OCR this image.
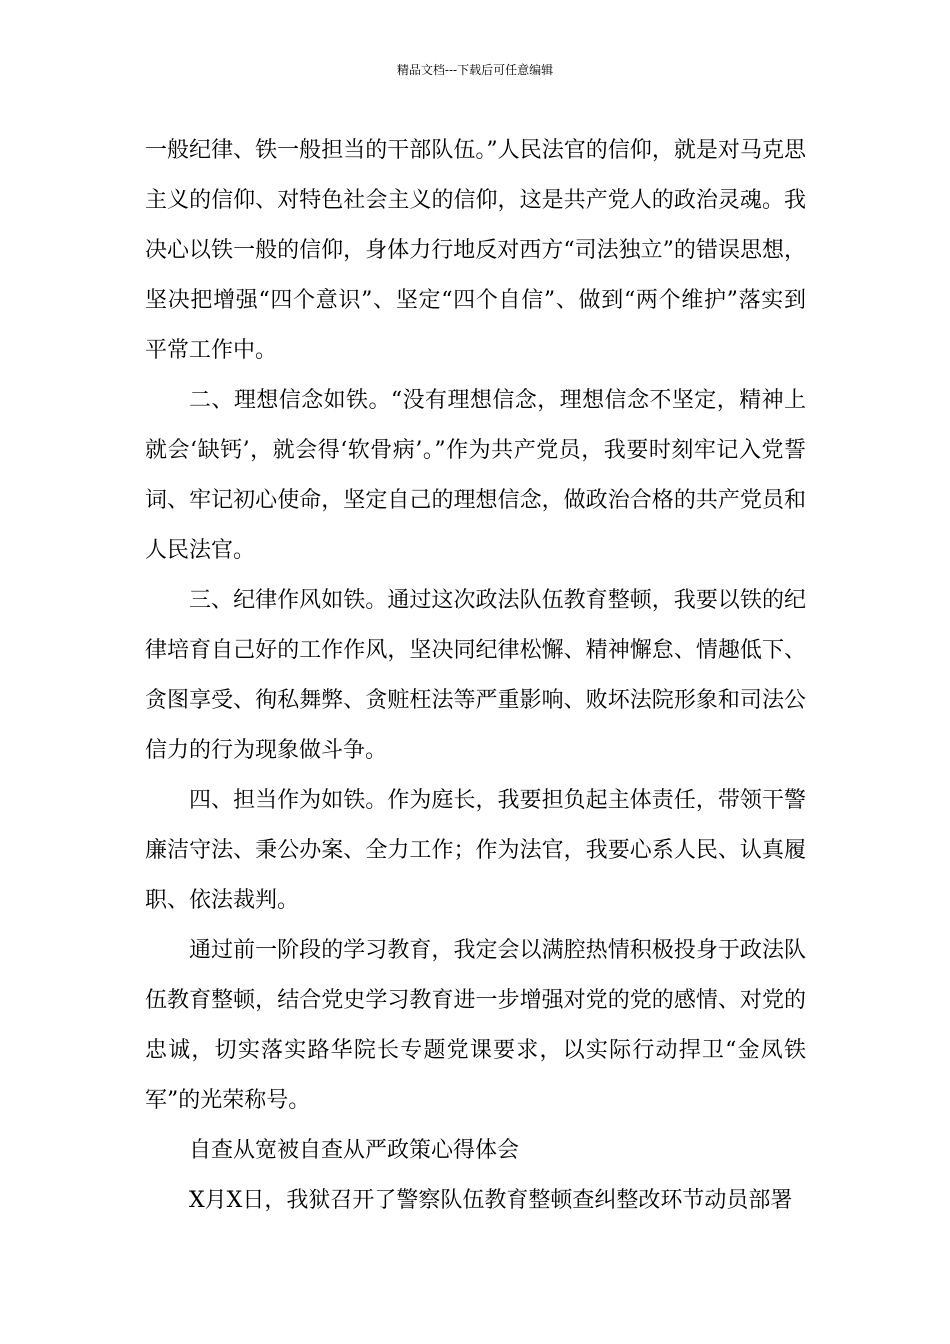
精品文档---下载后可任意编辑

一般纪律、铁一般担当的干部队伍。”人民法官的信仰，就是对马克思主义的信仰、对特色社会主义的信仰，这是共产党人的政治灵魂。我决心以铁一般的信仰，身体力行地反对西方“司法独立”的错误思想，坚决把增强“四个意识”、坚定“四个自信”、做到“两个维护”落实到平常工作中。

二、理想信念如铁。“没有理想信念，理想信念不坚定，精神上就会‘缺钙’，就会得‘软骨病’。”作为共产党员，我要时刻牢记入党誓词、牢记初心使命，坚定自己的理想信念，做政治合格的共产党员和人民法官。

三、纪律作风如铁。通过这次政法队伍教育整顿，我要以铁的纪律培育自己好的工作作风，坚决同纪律松懈、精神懈怠、情趣低下、贪图享受、徇私舞弊、贪赃枉法等严重影响、败坏法院形象和司法公信力的行为现象做斗争。

四、担当作为如铁。作为庭长，我要担负起主体责任，带领干警廉洁守法、秉公办案、全力工作；作为法官，我要心系人民、认真履职、依法裁判。

通过前一阶段的学习教育，我定会以满腔热情积极投身于政法队伍教育整顿，结合党史学习教育进一步增强对党的党的感情、对党的忠诚，切实落实路华院长专题党课要求，以实际行动捍卫“金凤铁军”的光荣称号。

自查从宽被自查从严政策心得体会

X月X日，我狱召开了警察队伍教育整顿查纠整改环节动员部署
